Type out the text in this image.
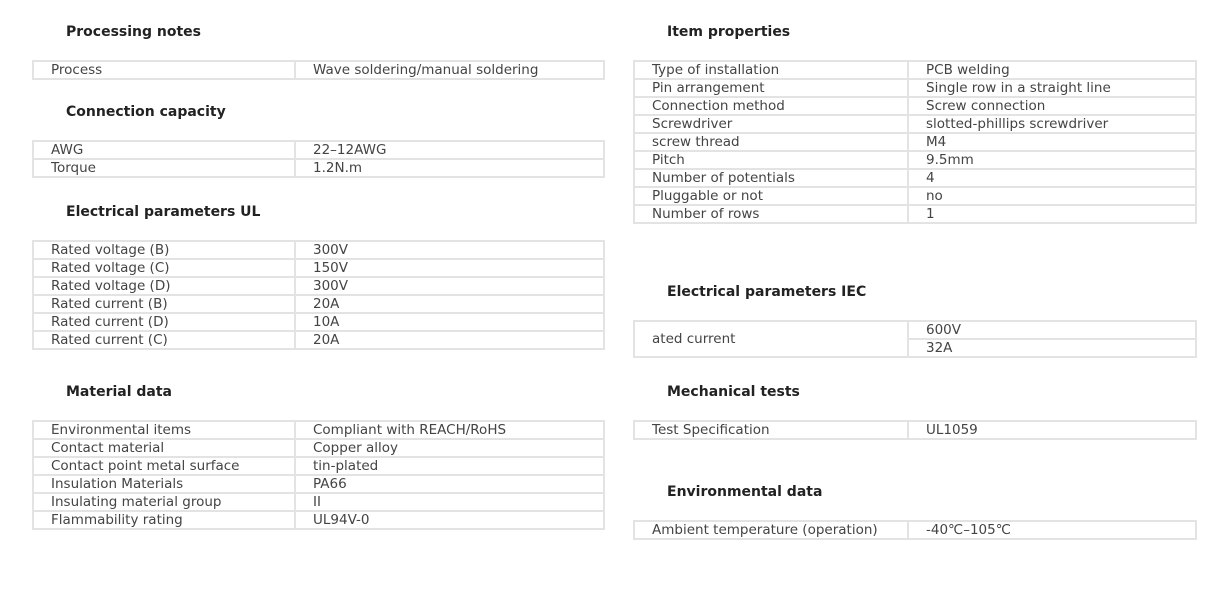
Processing notes
Process	Wave soldering/manual soldering
Connection capacity
AWG	22–12AWG
Torque	1.2N.m
Electrical parameters UL
Rated voltage (B)	300V
Rated voltage (C)	150V
Rated voltage (D)	300V
Rated current (B)	20A
Rated current (D)	10A
Rated current (C)	20A
Material data
Environmental items	Compliant with REACH/RoHS
Contact material	Copper alloy
Contact point metal surface	tin-plated
Insulation Materials	PA66
Insulating material group	II
Flammability rating	UL94V-0
Item properties
Type of installation	PCB welding
Pin arrangement	Single row in a straight line
Connection method	Screw connection
Screwdriver	slotted-phillips screwdriver
screw thread	M4
Pitch	9.5mm
Number of potentials	4
Pluggable or not	no
Number of rows	1
Electrical parameters IEC
ated current	600V
32A
Mechanical tests
Test Specification	UL1059
Environmental data
Ambient temperature (operation)	-40℃–105℃
